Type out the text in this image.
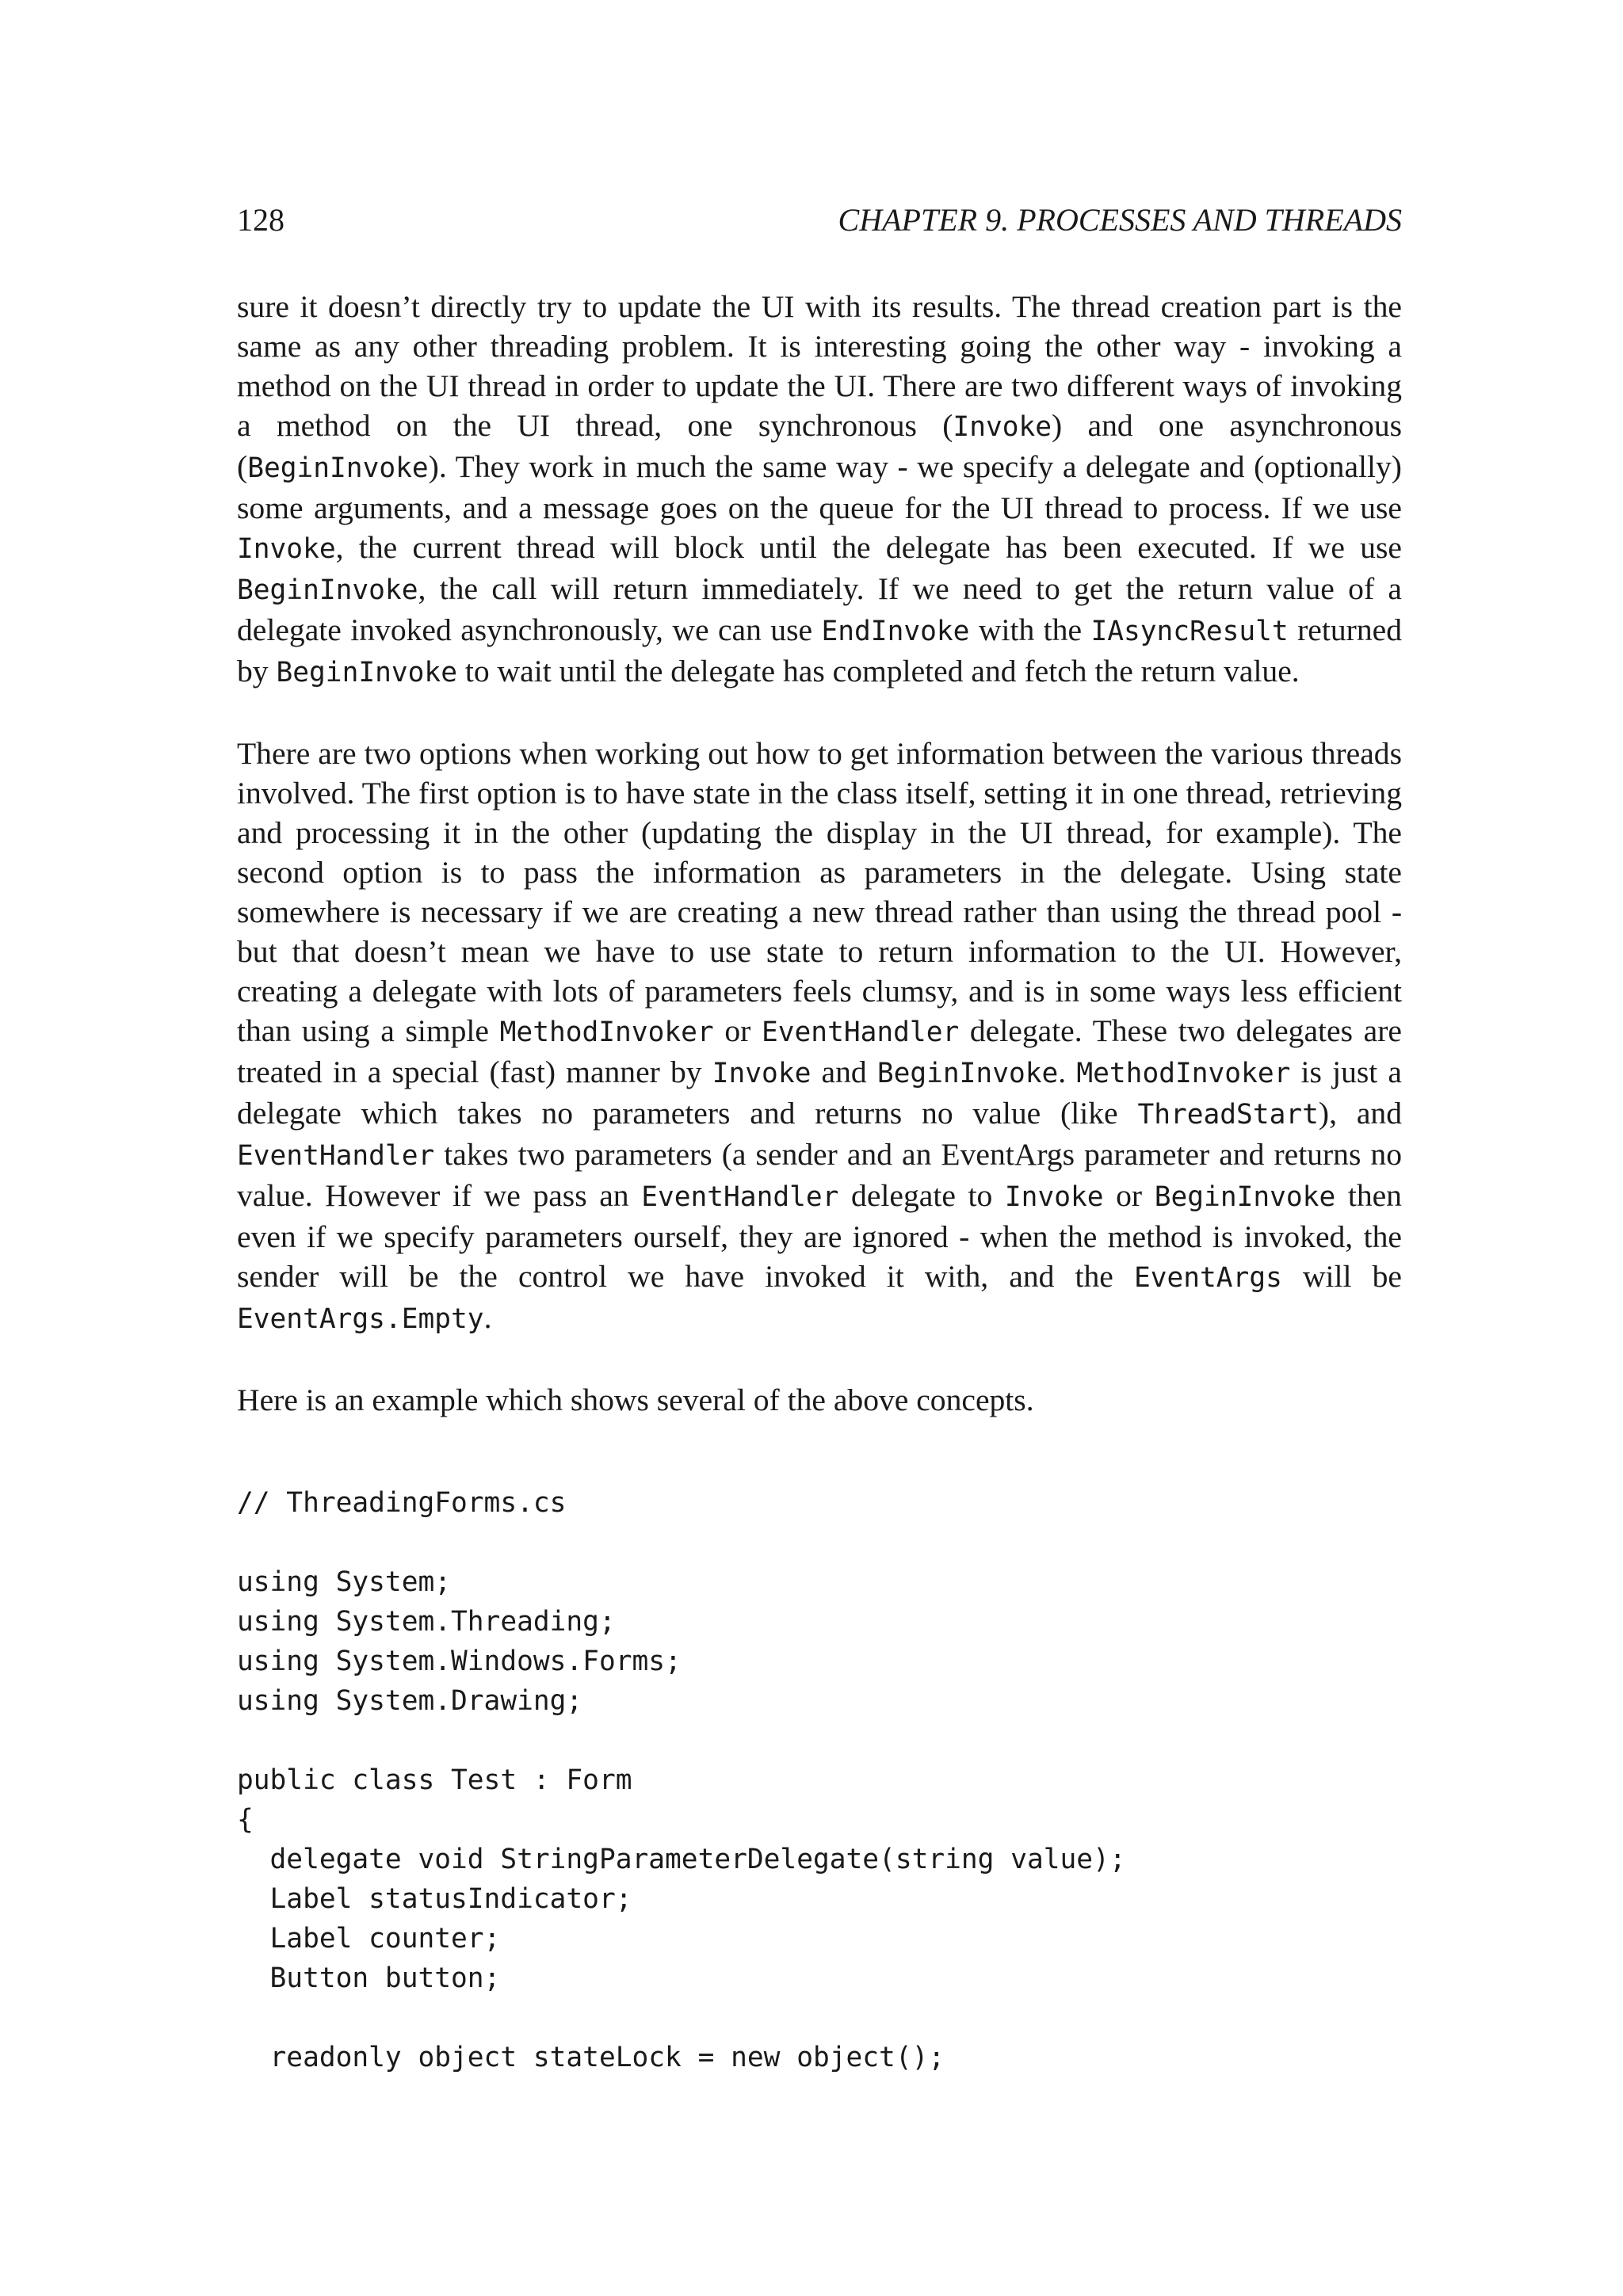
128	CHAPTER 9. PROCESSES AND THREADS

sure it doesn’t directly try to update the UI with its results. The thread creation part is the same as any other threading problem. It is interesting going the other way - invoking a method on the UI thread in order to update the UI. There are two different ways of invoking a method on the UI thread, one synchronous (Invoke) and one asynchronous (BeginInvoke). They work in much the same way - we specify a delegate and (optionally) some arguments, and a message goes on the queue for the UI thread to process. If we use Invoke, the current thread will block until the delegate has been executed. If we use BeginInvoke, the call will return immediately. If we need to get the return value of a delegate invoked asynchronously, we can use EndInvoke with the IAsyncResult returned by BeginInvoke to wait until the delegate has completed and fetch the return value.

There are two options when working out how to get information between the various threads involved. The first option is to have state in the class itself, setting it in one thread, retrieving and processing it in the other (updating the display in the UI thread, for example). The second option is to pass the information as parameters in the delegate. Using state somewhere is necessary if we are creating a new thread rather than using the thread pool - but that doesn’t mean we have to use state to return information to the UI. However, creating a delegate with lots of parameters feels clumsy, and is in some ways less efficient than using a simple MethodInvoker or EventHandler delegate. These two delegates are treated in a special (fast) manner by Invoke and BeginInvoke. MethodInvoker is just a delegate which takes no parameters and returns no value (like ThreadStart), and EventHandler takes two parameters (a sender and an EventArgs parameter and returns no value. However if we pass an EventHandler delegate to Invoke or BeginInvoke then even if we specify parameters ourself, they are ignored - when the method is invoked, the sender will be the control we have invoked it with, and the EventArgs will be EventArgs.Empty.

Here is an example which shows several of the above concepts.

// ThreadingForms.cs
using System;
using System.Threading;
using System.Windows.Forms;
using System.Drawing;
public class Test : Form
{
delegate void StringParameterDelegate(string value);
Label statusIndicator;
Label counter;
Button button;
readonly object stateLock = new object();
